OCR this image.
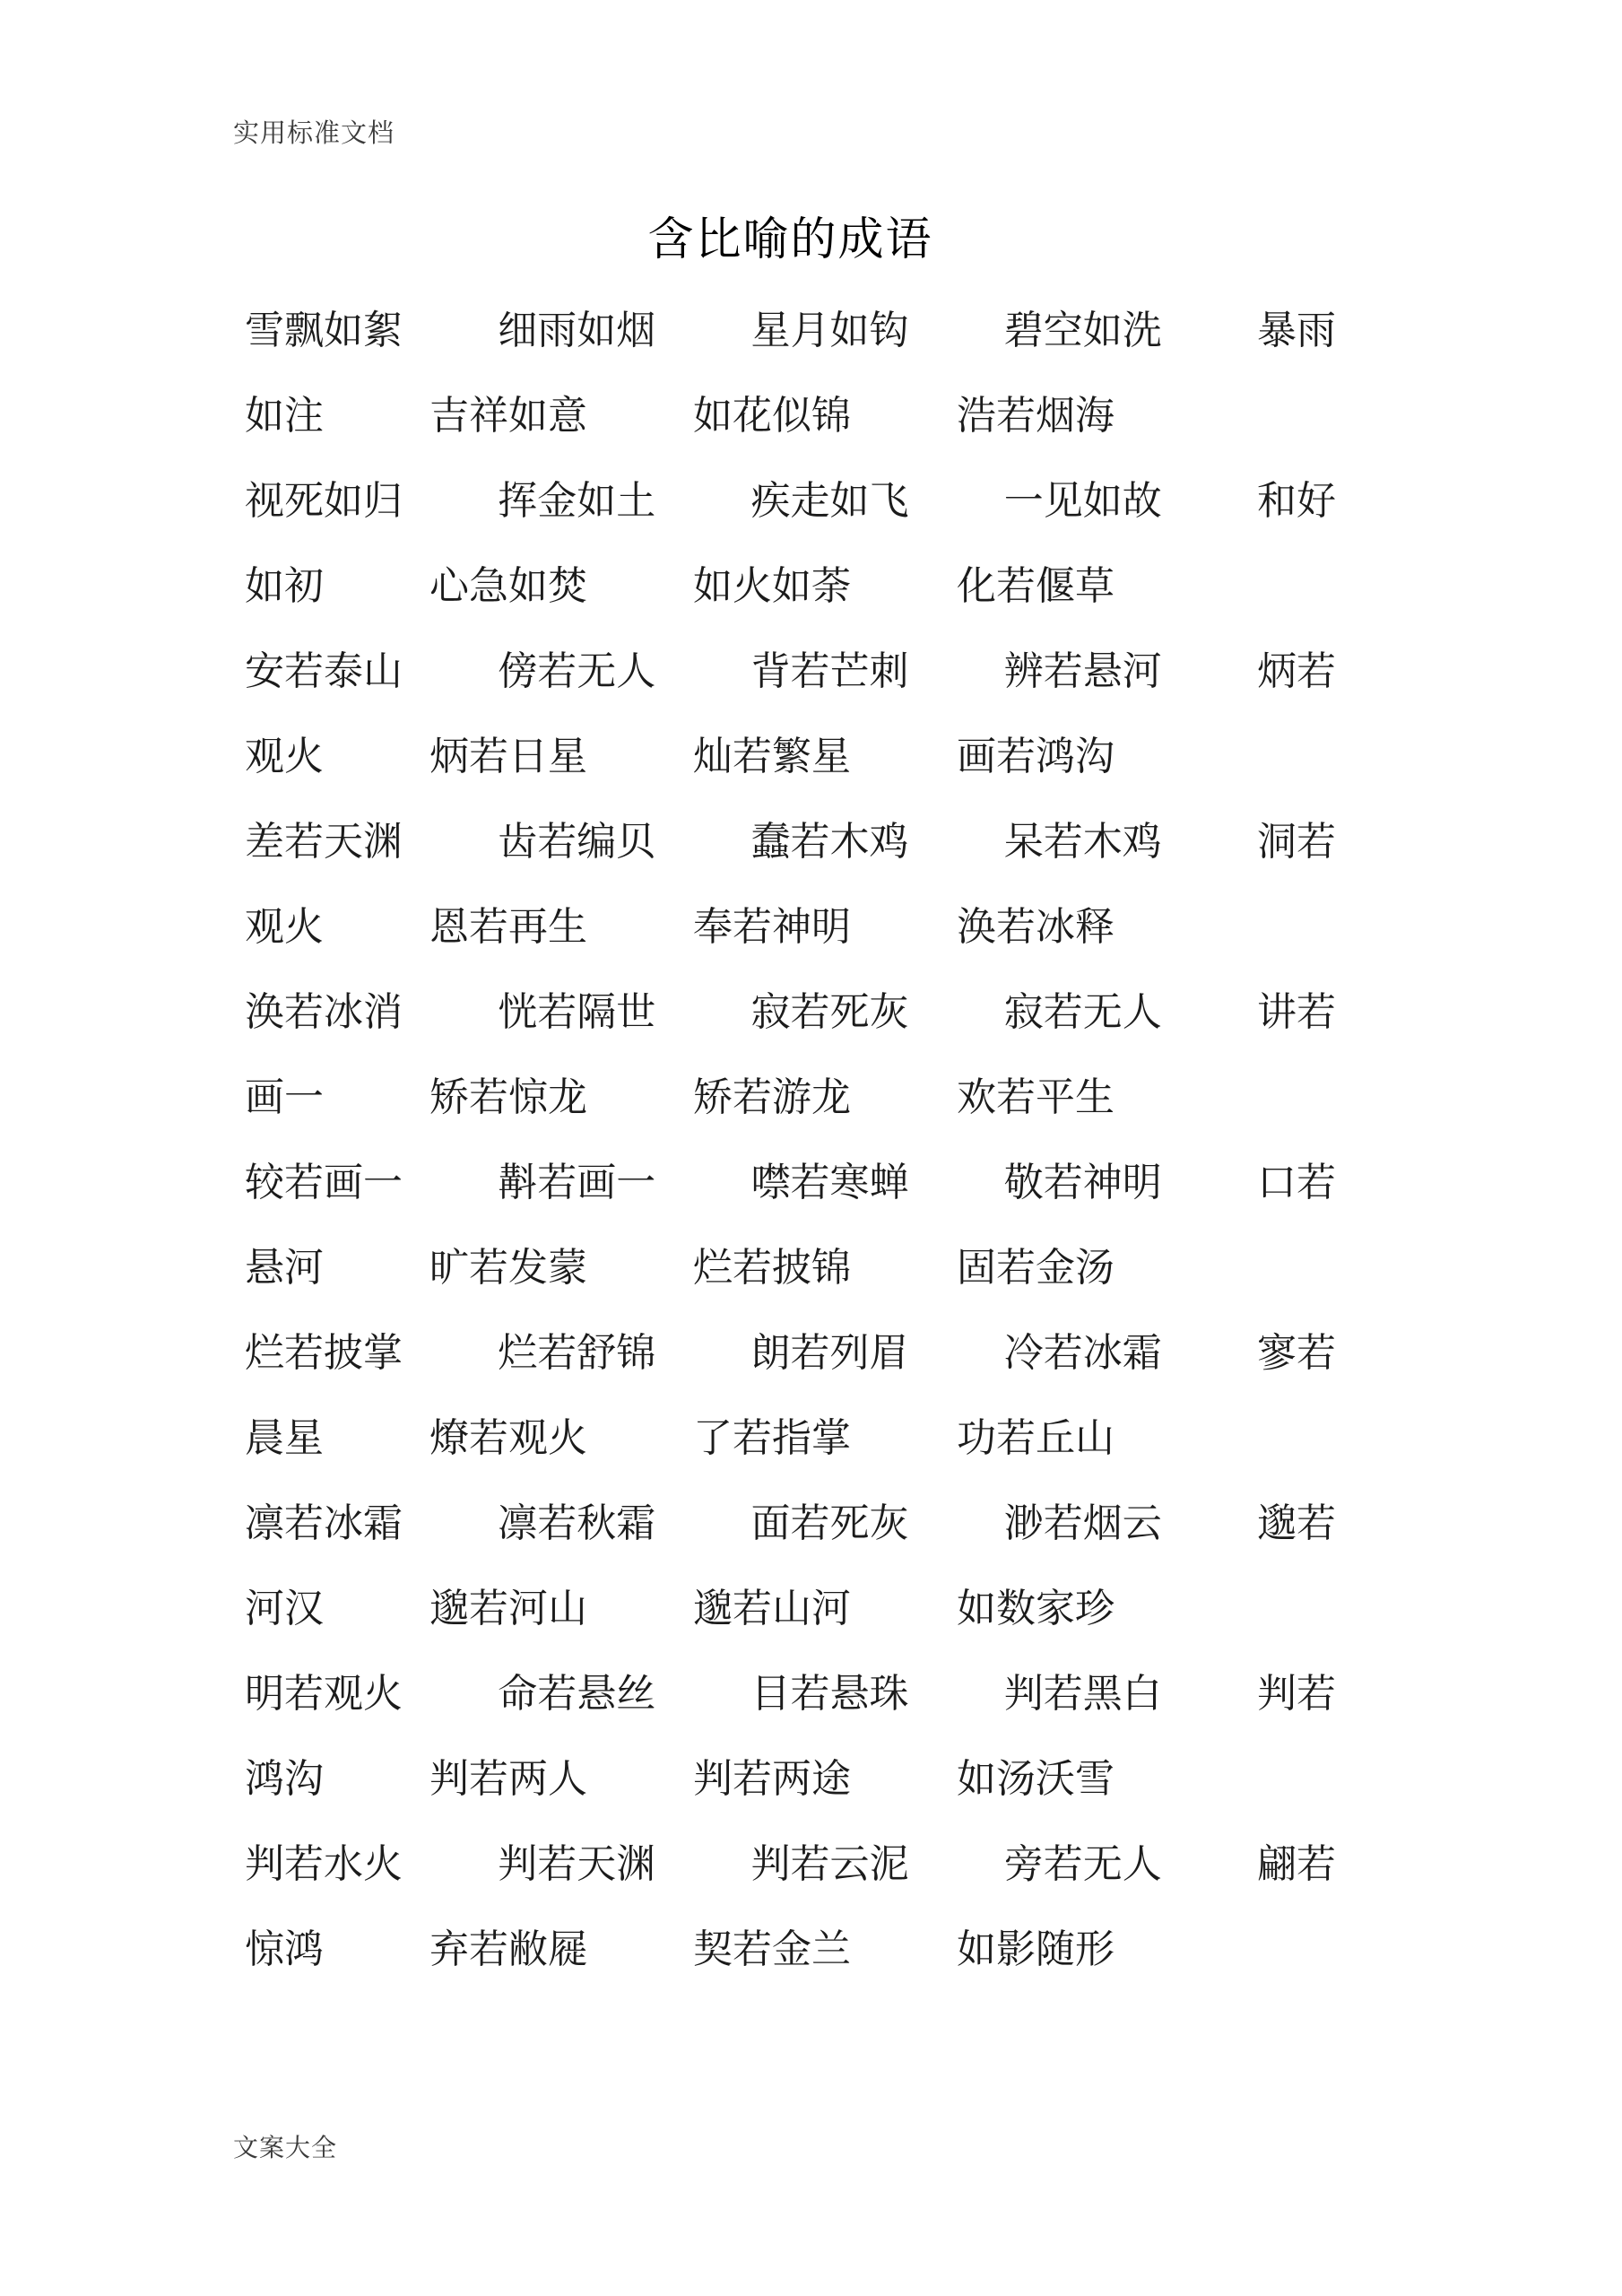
实用标准文档
含比喻的成语
雪飘如絮 细雨如烟 星月如钩 碧空如洗 暴雨
如注	吉祥如意	如花似锦	浩若烟海
视死如归 挥金如土 疾走如飞 一见如故 和好
如初	心急如焚	如火如荼	化若偃草
安若泰山 傍若无人 背若芒刺 辨若悬河 炳若
观火	炳若日星	灿若繁星	画若鸿沟
差若天渊 齿若编贝 蠢若木鸡 呆若木鸡 洞若
观火	恩若再生	奉若神明	涣若冰释
涣若冰消 恍若隔世 寂若死灰 寂若无人 讲若
画一	矫若惊龙	矫若游龙	欢若平生
较若画一 斠若画一 噤若寒蝉 敬若神明 口若
悬河	旷若发蒙	烂若披锦	固若金汤
烂若披掌 烂若舒锦 朗若列眉 冷若冰霜 寥若
晨星	燎若观火	了若指掌	功若丘山
凛若冰霜 凛若秋霜 面若死灰 渺若烟云 邈若
河汉	邈若河山	邈若山河	如数家珍
明若观火 命若悬丝 目若悬珠 判若黑白 判若
鸿沟	判若两人	判若两途	如汤沃雪
判若水火 判若天渊 判若云泥 旁若无人 翩若
惊鸿	弃若敝屣	契若金兰	如影随形
文案大全
